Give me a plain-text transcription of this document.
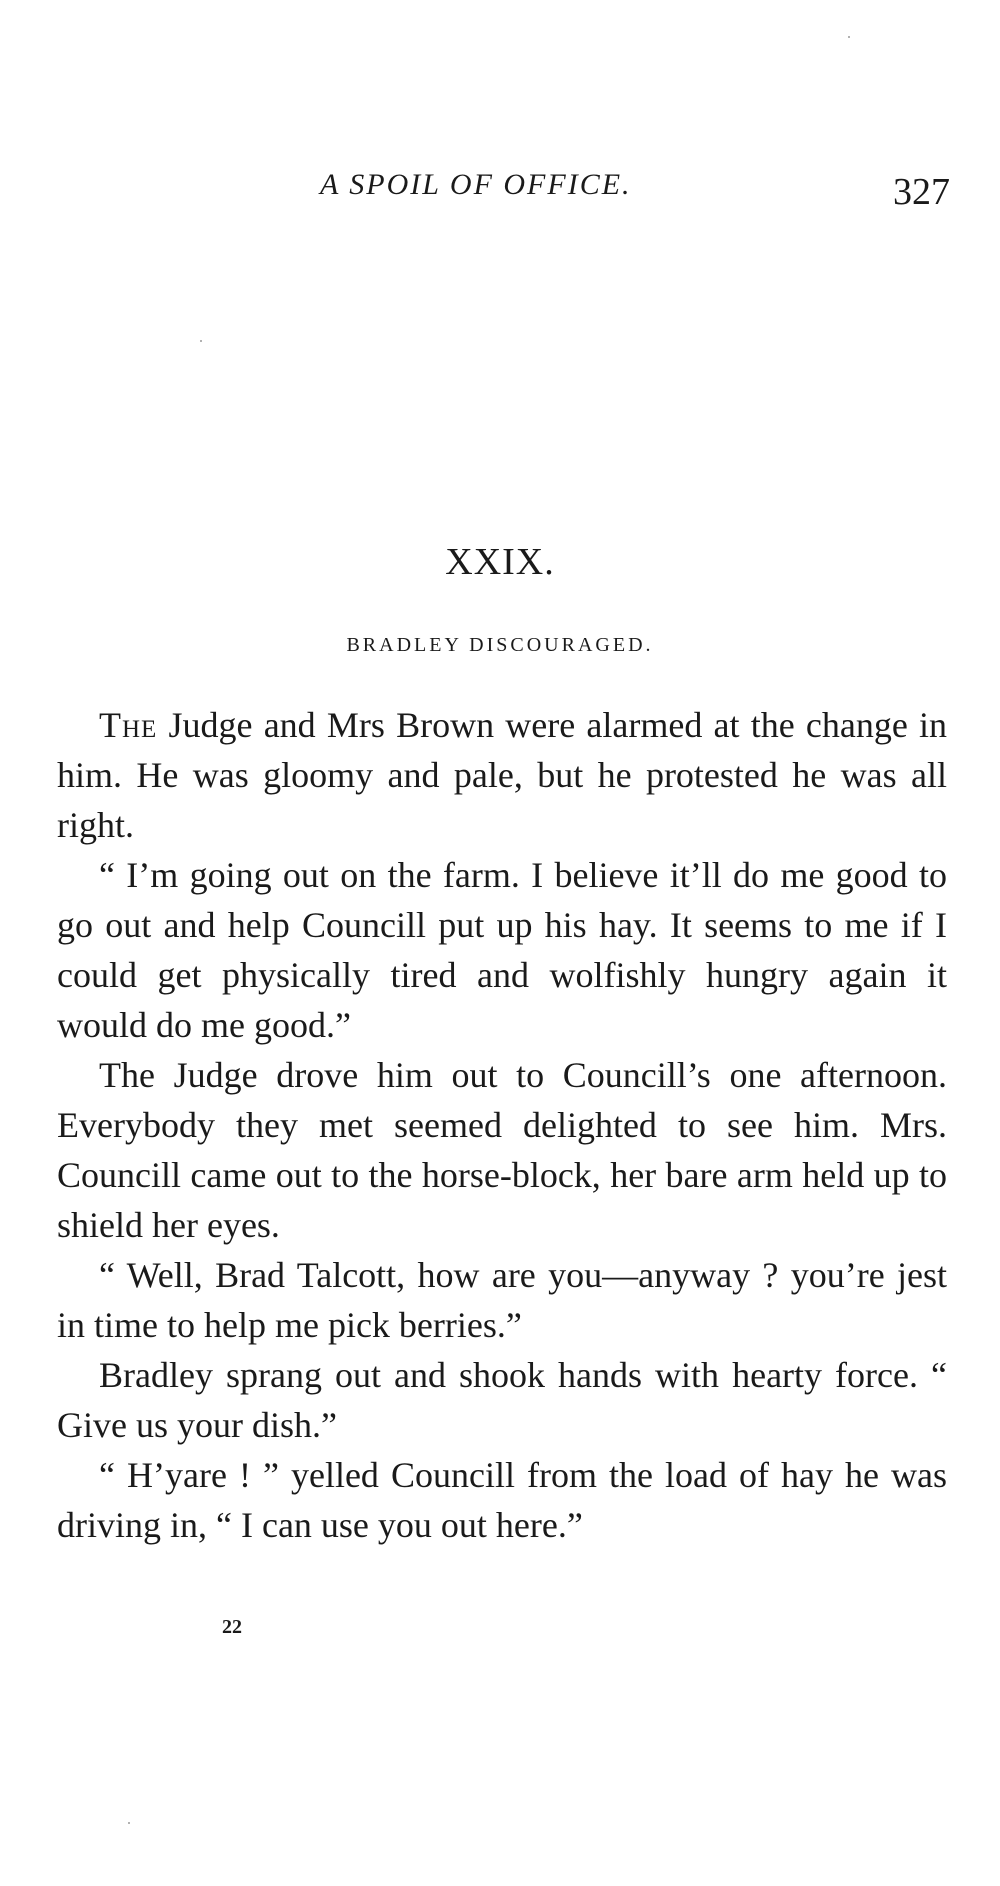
A SPOIL OF OFFICE.	327
XXIX.
BRADLEY DISCOURAGED.

The Judge and Mrs Brown were alarmed at the change in him. He was gloomy and pale, but he protested he was all right.

“ I’m going out on the farm. I believe it’ll do me good to go out and help Councill put up his hay. It seems to me if I could get physically tired and wolfishly hungry again it would do me good.”

The Judge drove him out to Councill’s one afternoon. Everybody they met seemed delighted to see him. Mrs. Councill came out to the horse-block, her bare arm held up to shield her eyes.

“ Well, Brad Talcott, how are you—anyway ? you’re jest in time to help me pick berries.”

Bradley sprang out and shook hands with hearty force. “ Give us your dish.”

“ H’yare ! ” yelled Councill from the load of hay he was driving in, “ I can use you out here.”

22
